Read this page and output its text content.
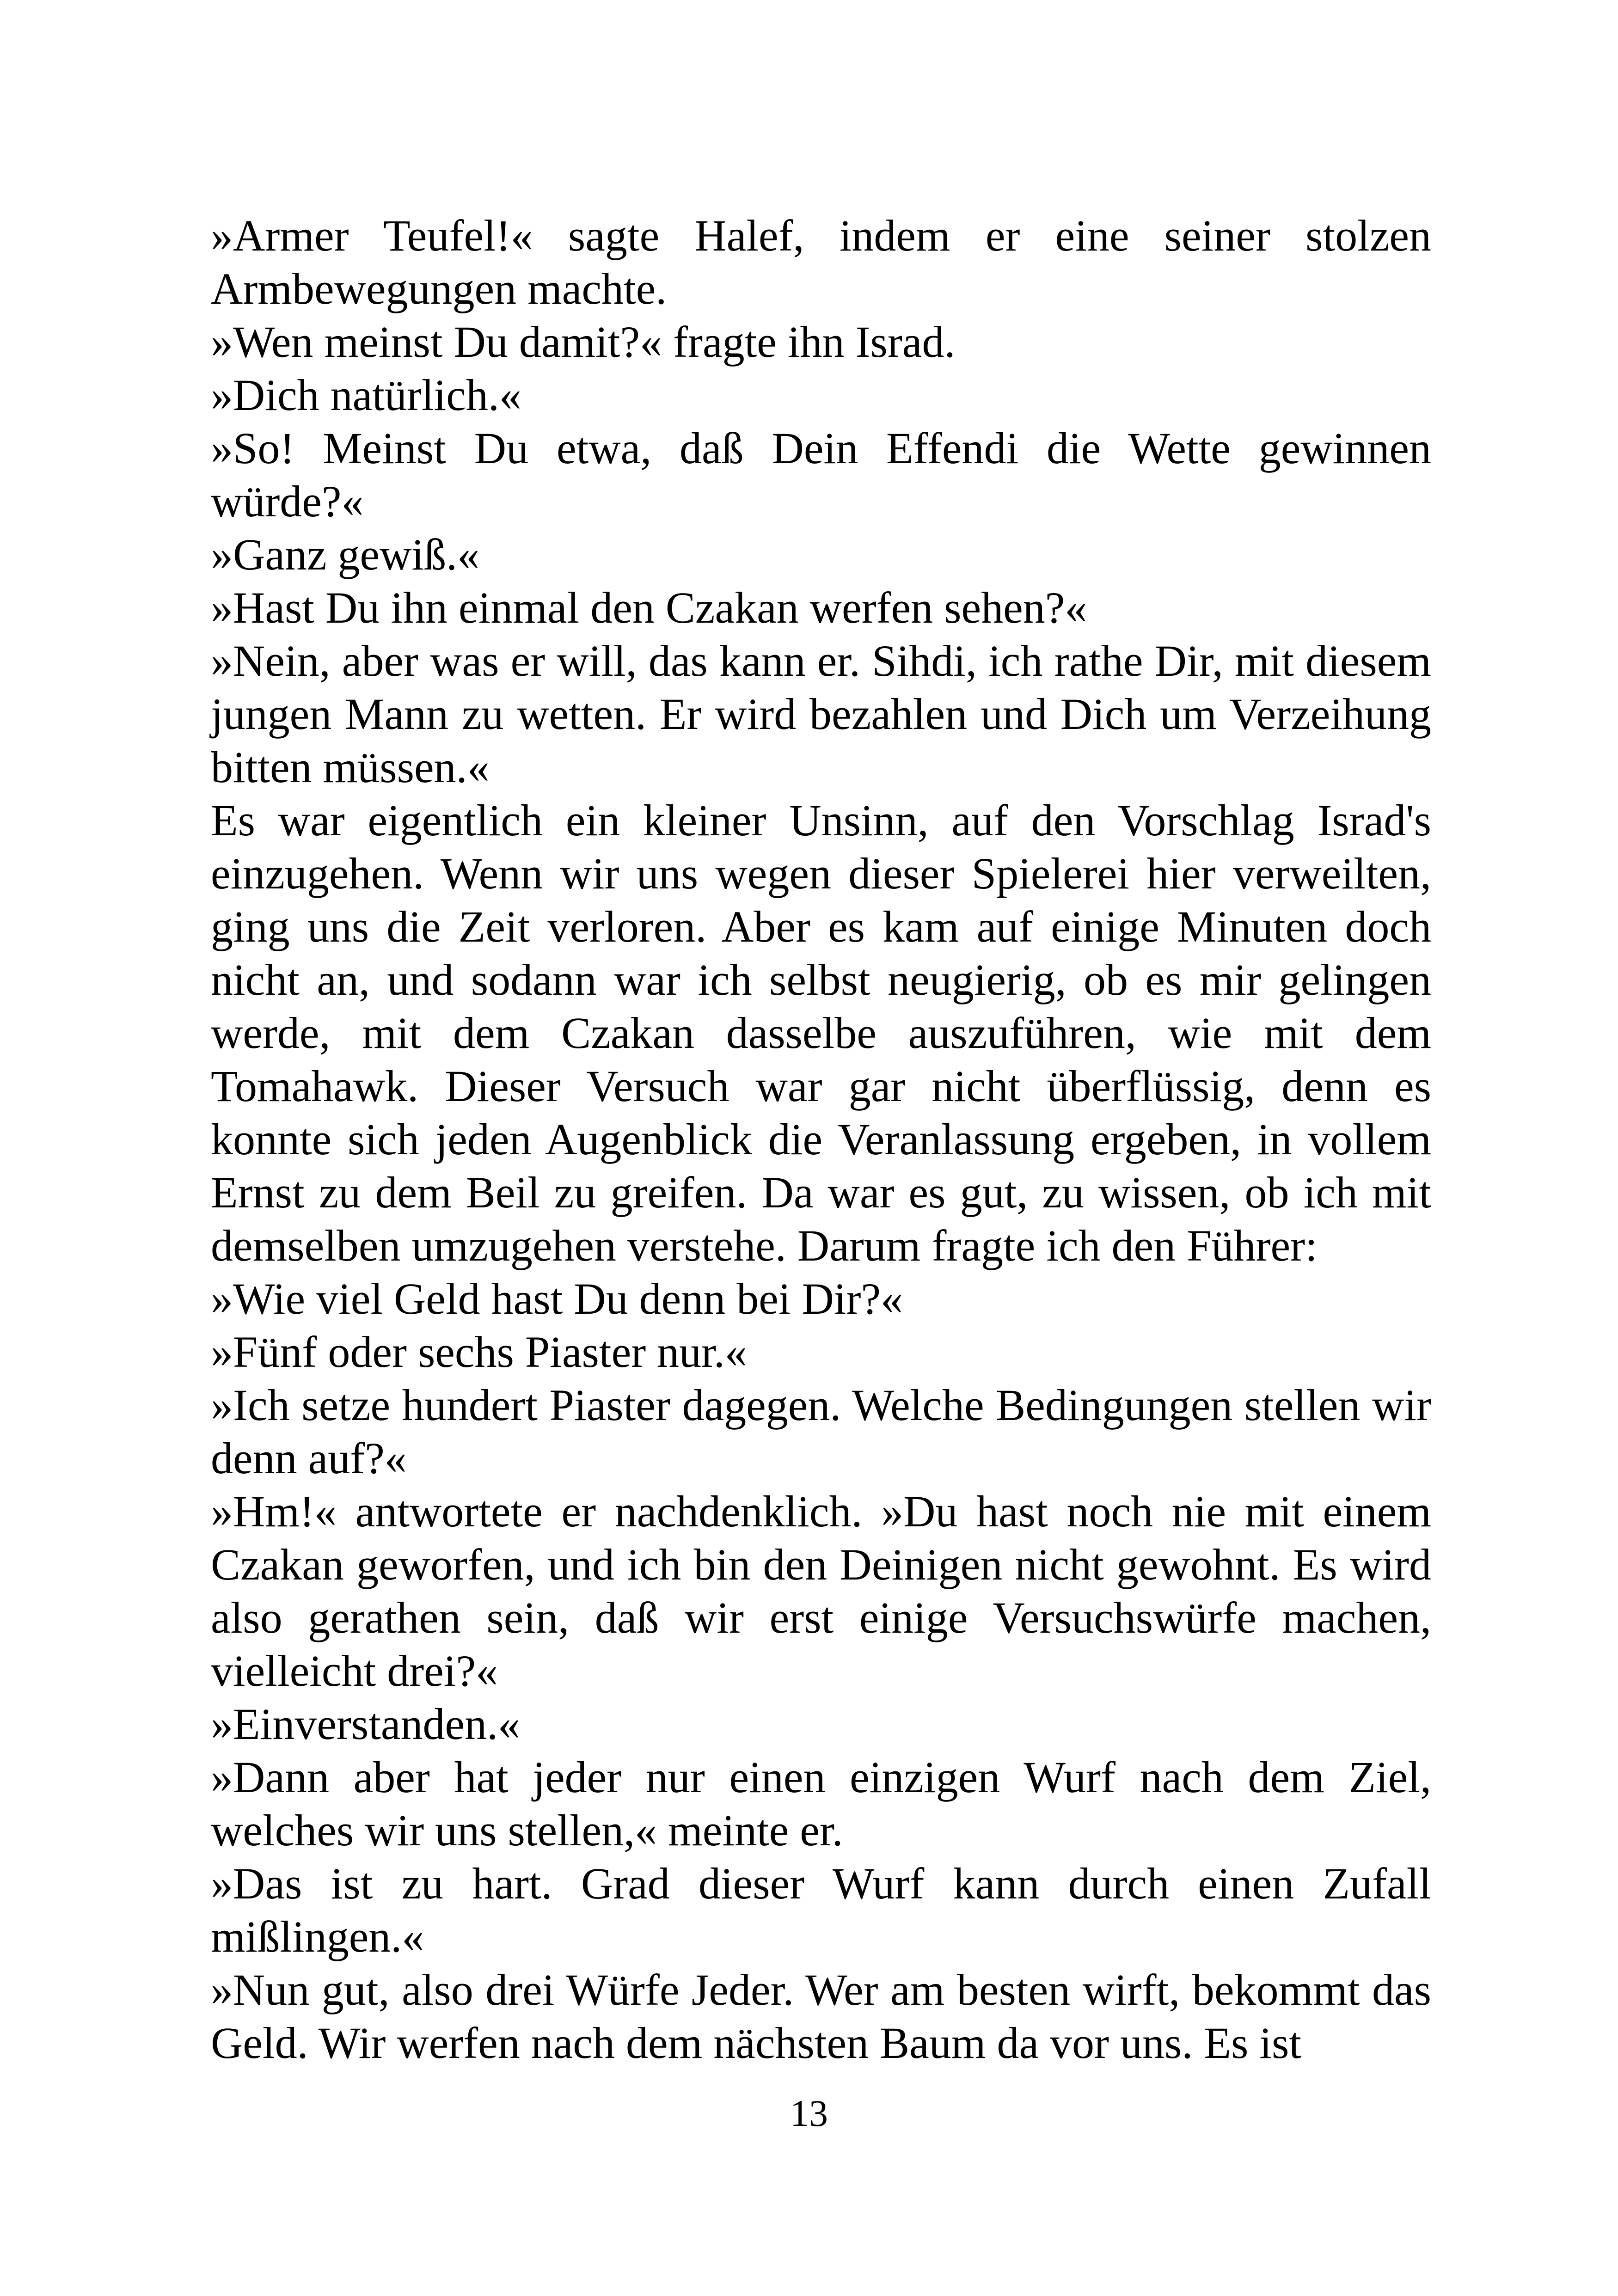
»Armer Teufel!« sagte Halef, indem er eine seiner stolzen Armbewegungen machte.

»Wen meinst Du damit?« fragte ihn Israd.

»Dich natürlich.«

»So! Meinst Du etwa, daß Dein Effendi die Wette gewinnen würde?«

»Ganz gewiß.«

»Hast Du ihn einmal den Czakan werfen sehen?«

»Nein, aber was er will, das kann er. Sihdi, ich rathe Dir, mit diesem jungen Mann zu wetten. Er wird bezahlen und Dich um Verzeihung bitten müssen.«

Es war eigentlich ein kleiner Unsinn, auf den Vorschlag Israd's einzugehen. Wenn wir uns wegen dieser Spielerei hier verweilten, ging uns die Zeit verloren. Aber es kam auf einige Minuten doch nicht an, und sodann war ich selbst neugierig, ob es mir gelingen werde, mit dem Czakan dasselbe auszuführen, wie mit dem Tomahawk. Dieser Versuch war gar nicht überflüssig, denn es konnte sich jeden Augenblick die Veranlassung ergeben, in vollem Ernst zu dem Beil zu greifen. Da war es gut, zu wissen, ob ich mit demselben umzugehen verstehe. Darum fragte ich den Führer:

»Wie viel Geld hast Du denn bei Dir?«

»Fünf oder sechs Piaster nur.«

»Ich setze hundert Piaster dagegen. Welche Bedingungen stellen wir denn auf?«

»Hm!« antwortete er nachdenklich. »Du hast noch nie mit einem Czakan geworfen, und ich bin den Deinigen nicht gewohnt. Es wird also gerathen sein, daß wir erst einige Versuchswürfe machen, vielleicht drei?«

»Einverstanden.«

»Dann aber hat jeder nur einen einzigen Wurf nach dem Ziel, welches wir uns stellen,« meinte er.

»Das ist zu hart. Grad dieser Wurf kann durch einen Zufall mißlingen.«

»Nun gut, also drei Würfe Jeder. Wer am besten wirft, bekommt das Geld. Wir werfen nach dem nächsten Baum da vor uns. Es ist

13
